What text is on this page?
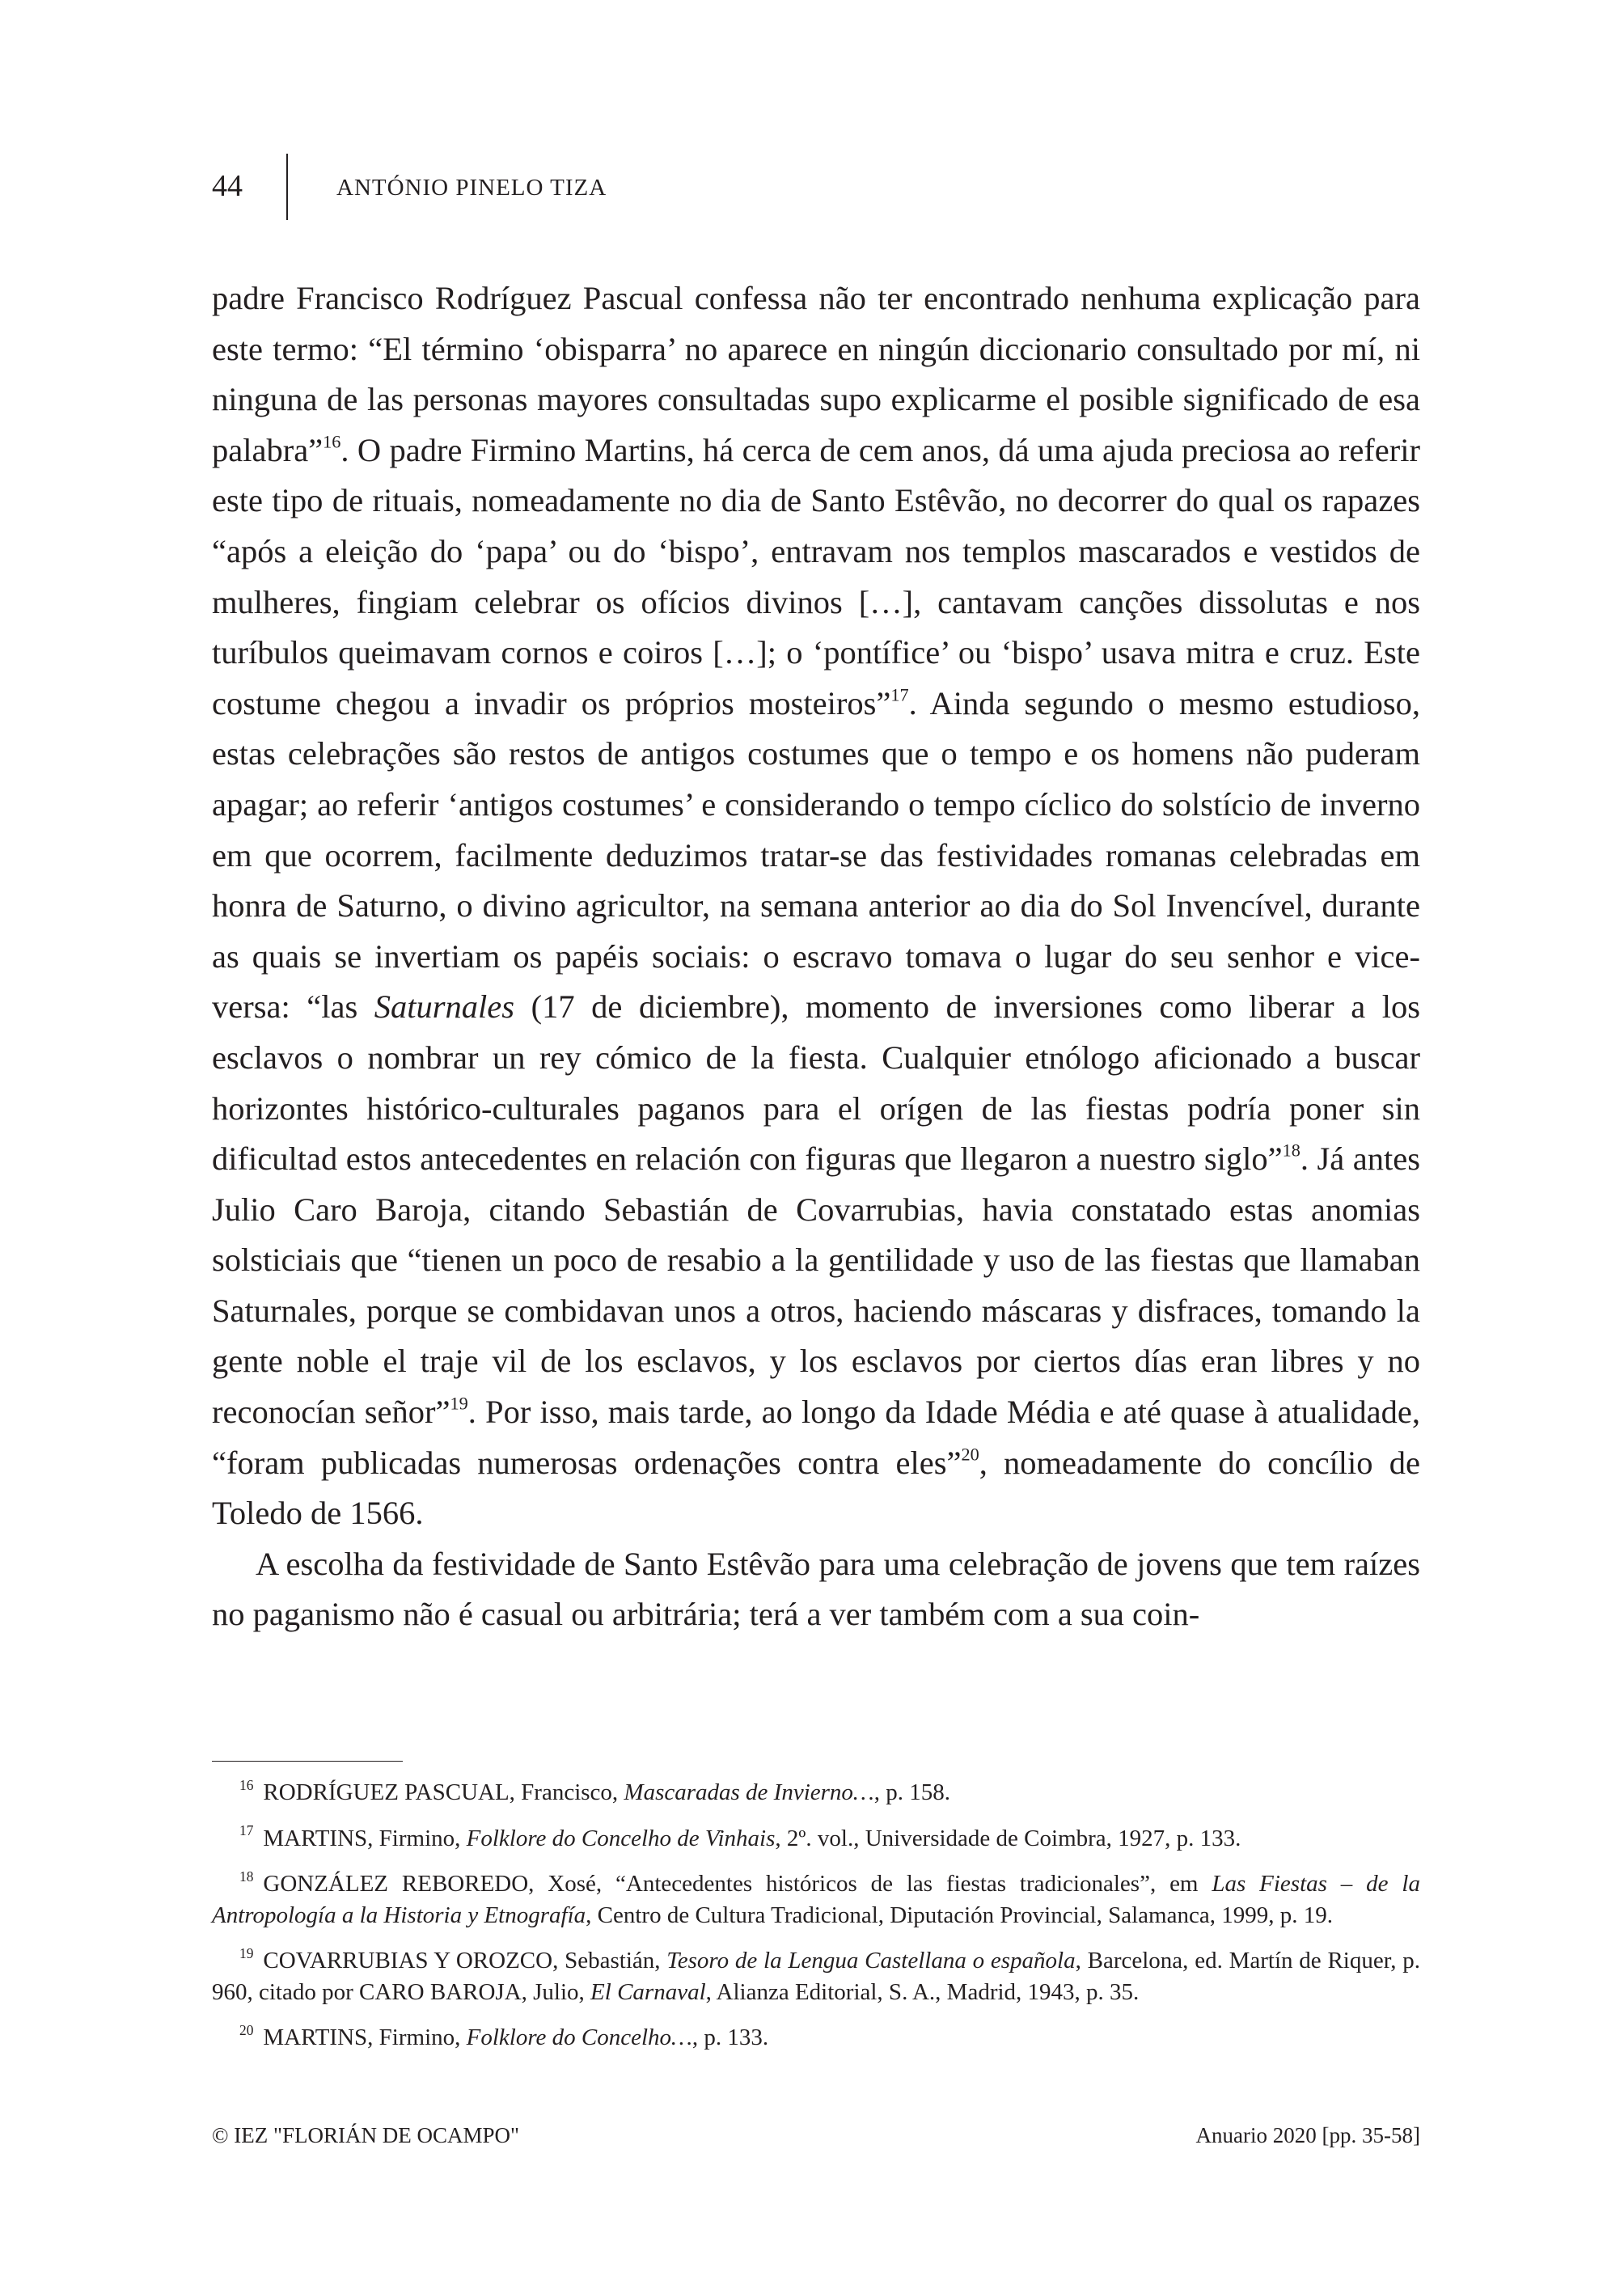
44	ANTÓNIO PINELO TIZA

padre Francisco Rodríguez Pascual confessa não ter encontrado nenhuma explicação para este termo: “El término ‘obisparra’ no aparece en ningún diccionario consultado por mí, ni ninguna de las personas mayores consultadas supo explicarme el posible significado de esa palabra”$^{16}$. O padre Firmino Martins, há cerca de cem anos, dá uma ajuda preciosa ao referir este tipo de rituais, nomeadamente no dia de Santo Estêvão, no decorrer do qual os rapazes “após a eleição do ‘papa’ ou do ‘bispo’, entravam nos templos mascarados e vestidos de mulheres, fingiam celebrar os ofícios divinos […], cantavam canções dissolutas e nos turíbulos queimavam cornos e coiros […]; o ‘pontífice’ ou ‘bispo’ usava mitra e cruz. Este costume chegou a invadir os próprios mosteiros”$^{17}$. Ainda segundo o mesmo estudioso, estas celebrações são restos de antigos costumes que o tempo e os homens não puderam apagar; ao referir ‘antigos costumes’ e considerando o tempo cíclico do solstício de inverno em que ocorrem, facilmente deduzimos tratar-se das festividades romanas celebradas em honra de Saturno, o divino agricultor, na semana anterior ao dia do Sol Invencível, durante as quais se invertiam os papéis sociais: o escravo tomava o lugar do seu senhor e vice-versa: “las Saturnales (17 de diciembre), momento de inversiones como liberar a los esclavos o nombrar un rey cómico de la fiesta. Cualquier etnólogo aficionado a buscar horizontes histórico-culturales paganos para el orígen de las fiestas podría poner sin dificultad estos antecedentes en relación con figuras que llegaron a nuestro siglo”$^{18}$. Já antes Julio Caro Baroja, citando Sebastián de Covarrubias, havia constatado estas anomias solsticiais que “tienen un poco de resabio a la gentilidade y uso de las fiestas que llamaban Saturnales, porque se combidavan unos a otros, haciendo máscaras y disfraces, tomando la gente noble el traje vil de los esclavos, y los esclavos por ciertos días eran libres y no reconocían señor”$^{19}$. Por isso, mais tarde, ao longo da Idade Média e até quase à atualidade, “foram publicadas numerosas ordenações contra eles”$^{20}$, nomeadamente do concílio de Toledo de 1566.

A escolha da festividade de Santo Estêvão para uma celebração de jovens que tem raízes no paganismo não é casual ou arbitrária; terá a ver também com a sua coin-

$^{16}$ RODRÍGUEZ PASCUAL, Francisco, Mascaradas de Invierno…, p. 158.

$^{17}$ MARTINS, Firmino, Folklore do Concelho de Vinhais, 2º. vol., Universidade de Coimbra, 1927, p. 133.

$^{18}$ GONZÁLEZ REBOREDO, Xosé, “Antecedentes históricos de las fiestas tradicionales”, em Las Fiestas – de la Antropología a la Historia y Etnografía, Centro de Cultura Tradicional, Diputación Provincial, Salamanca, 1999, p. 19.

$^{19}$ COVARRUBIAS Y OROZCO, Sebastián, Tesoro de la Lengua Castellana o española, Barcelona, ed. Martín de Riquer, p. 960, citado por CARO BAROJA, Julio, El Carnaval, Alianza Editorial, S. A., Madrid, 1943, p. 35.

$^{20}$ MARTINS, Firmino, Folklore do Concelho…, p. 133.

© IEZ "FLORIÁN DE OCAMPO"	Anuario 2020 [pp. 35-58]
